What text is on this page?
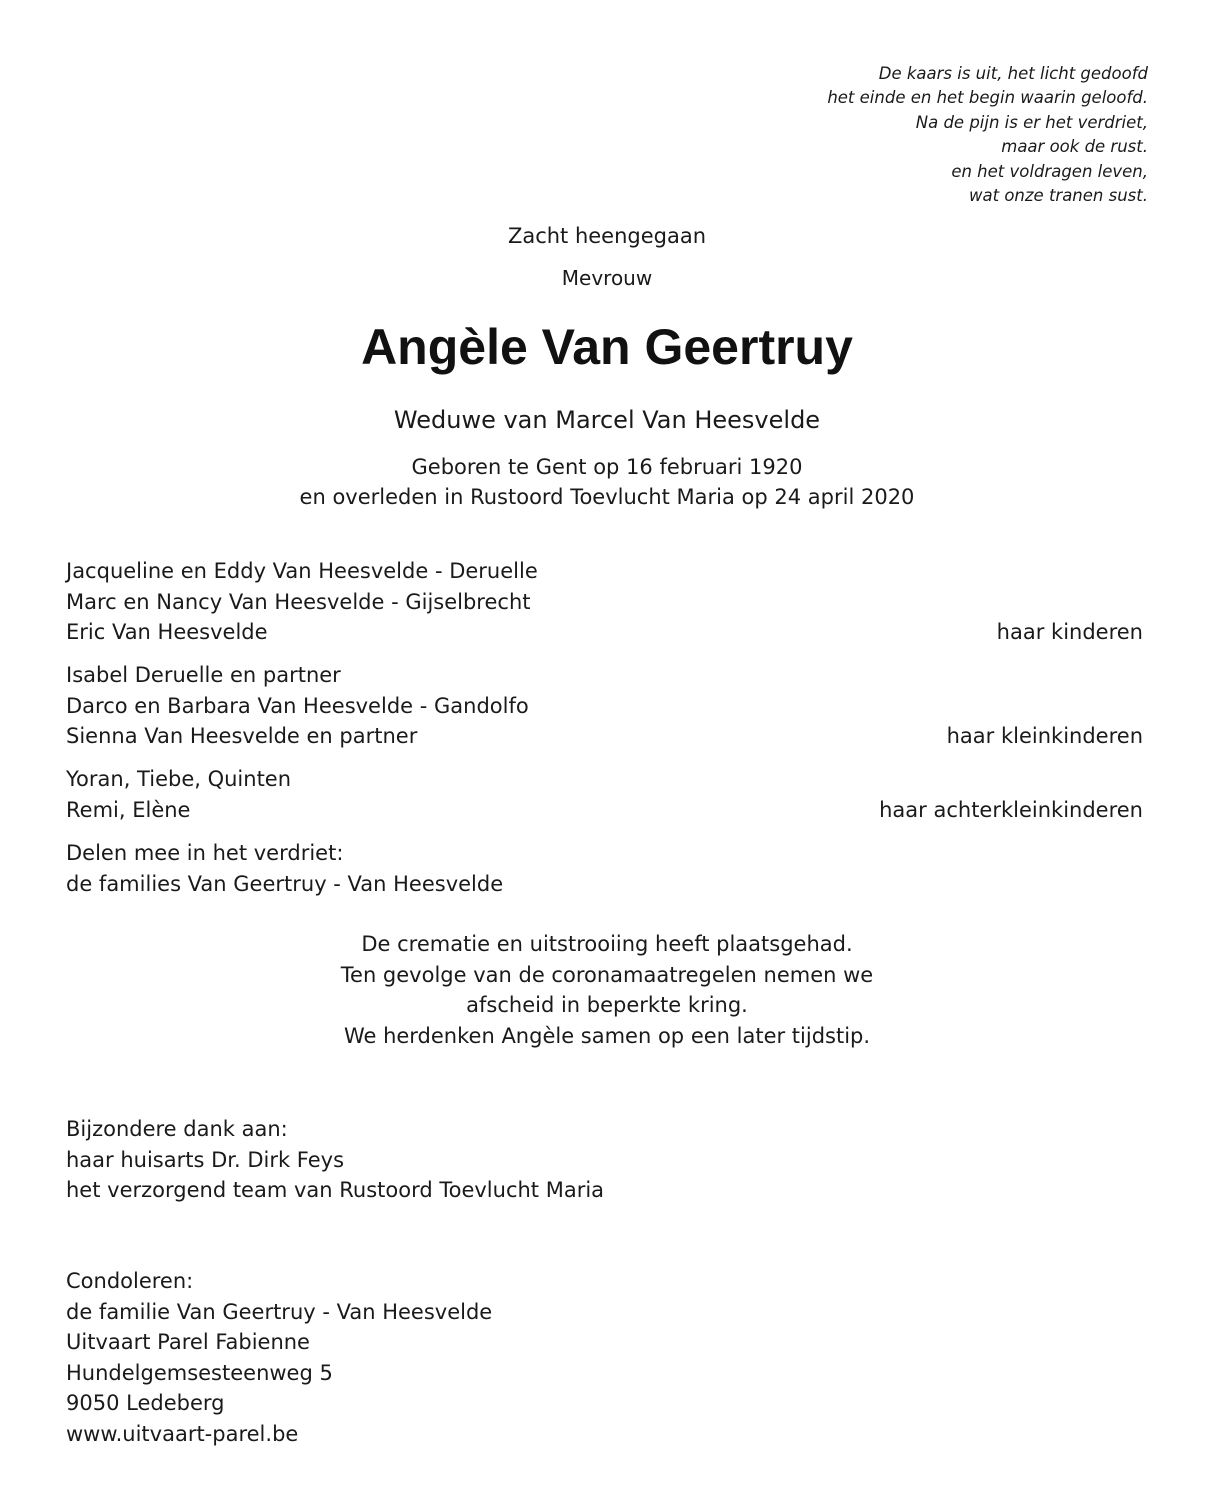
De kaars is uit, het licht gedoofd
het einde en het begin waarin geloofd.
Na de pijn is er het verdriet,
maar ook de rust.
en het voldragen leven,
wat onze tranen sust.
Zacht heengegaan
Mevrouw
Angèle Van Geertruy
Weduwe van Marcel Van Heesvelde
Geboren te Gent op 16 februari 1920
en overleden in Rustoord Toevlucht Maria op 24 april 2020
Jacqueline en Eddy Van Heesvelde - Deruelle
Marc en Nancy Van Heesvelde - Gijselbrecht
Eric Van Heesvelde	haar kinderen
Isabel Deruelle en partner
Darco en Barbara Van Heesvelde - Gandolfo
Sienna Van Heesvelde en partner	haar kleinkinderen
Yoran, Tiebe, Quinten
Remi, Elène	haar achterkleinkinderen
Delen mee in het verdriet:
de families Van Geertruy - Van Heesvelde
De crematie en uitstrooiing heeft plaatsgehad.
Ten gevolge van de coronamaatregelen nemen we
afscheid in beperkte kring.
We herdenken Angèle samen op een later tijdstip.
Bijzondere dank aan:
haar huisarts Dr. Dirk Feys
het verzorgend team van Rustoord Toevlucht Maria
Condoleren:
de familie Van Geertruy - Van Heesvelde
Uitvaart Parel Fabienne
Hundelgemsesteenweg 5
9050 Ledeberg
www.uitvaart-parel.be
